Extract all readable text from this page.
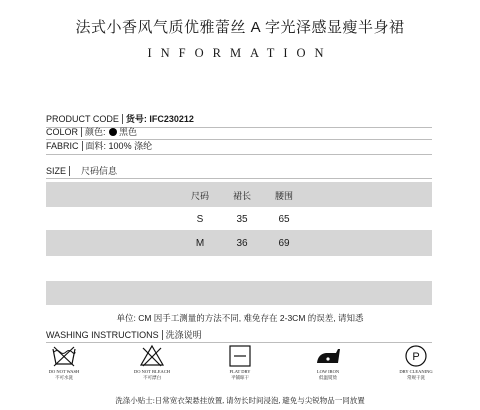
法式小香风气质优雅蕾丝 A 字光泽感显瘦半身裙
INFORMATION
PRODUCT CODE 货号: IFC230212
COLOR 颜色: 黑色
FABRIC 面料: 100% 涤纶
SIZE 尺码信息
尺码	裙长	腰围
S	35	65
M	36	69
单位: CM 因手工测量的方法不同, 难免存在 2-3CM 的误差, 请知悉
WASHING INSTRUCTIONS 洗涤说明
DO NOT WASH
不可水洗
DO NOT BLEACH
不可漂白
FLAT DRY
平铺晾干
LOW IRON
低温熨烫
P
DRY CLEANING
常规干洗
洗涤小贴士:日常宽衣架悬挂放置, 请勿长时间浸泡, 避免与尖锐物品一同放置
